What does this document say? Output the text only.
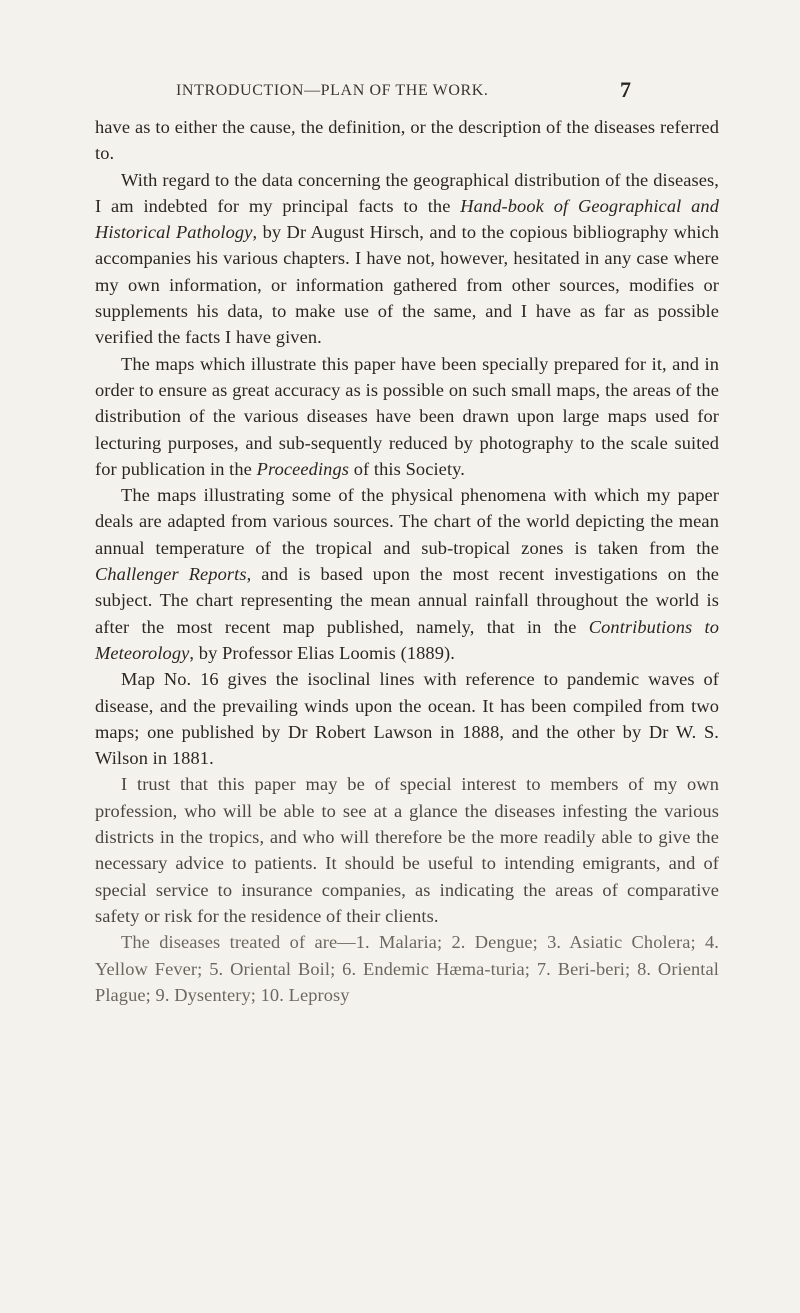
INTRODUCTION—PLAN OF THE WORK.	7

have as to either the cause, the definition, or the description of the diseases referred to.

With regard to the data concerning the geographical distribution of the diseases, I am indebted for my principal facts to the Hand-book of Geographical and Historical Pathology, by Dr August Hirsch, and to the copious bibliography which accompanies his various chapters. I have not, however, hesitated in any case where my own information, or information gathered from other sources, modifies or supplements his data, to make use of the same, and I have as far as possible verified the facts I have given.

The maps which illustrate this paper have been specially prepared for it, and in order to ensure as great accuracy as is possible on such small maps, the areas of the distribution of the various diseases have been drawn upon large maps used for lecturing purposes, and sub-sequently reduced by photography to the scale suited for publication in the Proceedings of this Society.

The maps illustrating some of the physical phenomena with which my paper deals are adapted from various sources. The chart of the world depicting the mean annual temperature of the tropical and sub-tropical zones is taken from the Challenger Reports, and is based upon the most recent investigations on the subject. The chart representing the mean annual rainfall throughout the world is after the most recent map published, namely, that in the Contributions to Meteorology, by Professor Elias Loomis (1889).

Map No. 16 gives the isoclinal lines with reference to pandemic waves of disease, and the prevailing winds upon the ocean. It has been compiled from two maps; one published by Dr Robert Lawson in 1888, and the other by Dr W. S. Wilson in 1881.

I trust that this paper may be of special interest to members of my own profession, who will be able to see at a glance the diseases infesting the various districts in the tropics, and who will therefore be the more readily able to give the necessary advice to patients. It should be useful to intending emigrants, and of special service to insurance companies, as indicating the areas of comparative safety or risk for the residence of their clients.

The diseases treated of are—1. Malaria; 2. Dengue; 3. Asiatic Cholera; 4. Yellow Fever; 5. Oriental Boil; 6. Endemic Hæma-turia; 7. Beri-beri; 8. Oriental Plague; 9. Dysentery; 10. Leprosy
